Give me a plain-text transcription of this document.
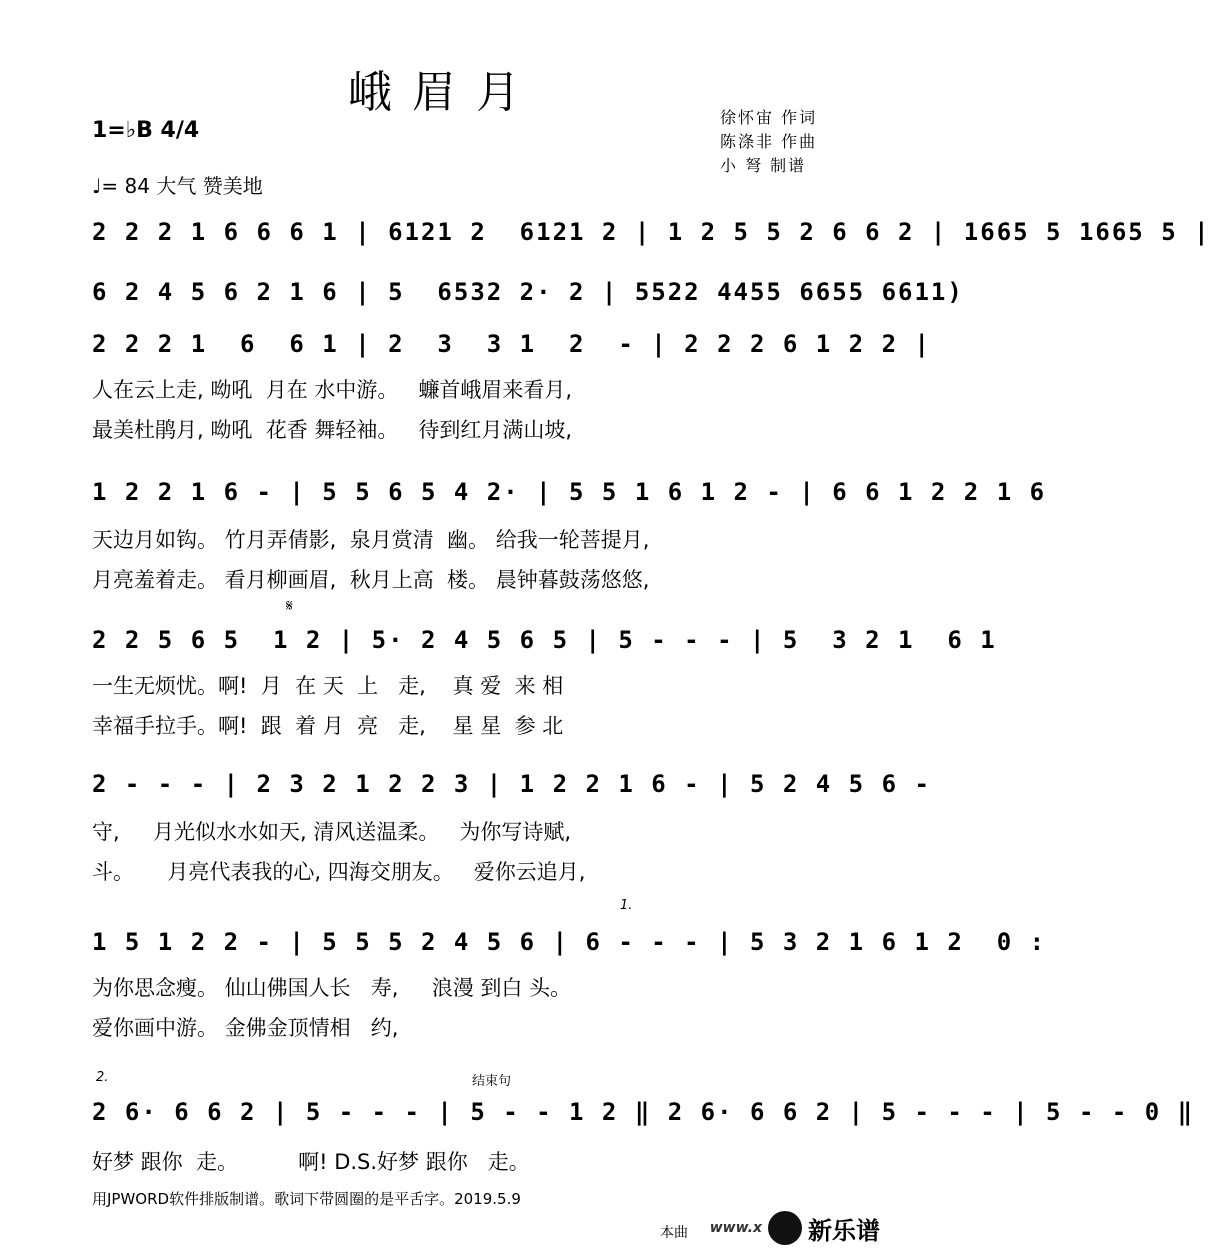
峨眉月
1=♭B 4/4
♩= 84 大气 赞美地
徐怀宙 作词
陈涤非 作曲
小 弩 制谱
2 2 2 1 6 6 6 1 | 6121 2  6121 2 | 1 2 5 5 2 6 6 2 | 1665 5 1665 5 |
6 2 4 5 6 2 1 6 | 5  6532 2· 2 | 5522 4455 6655 6611)
2 2 2 1  6  6 1 | 2  3  3 1  2  - | 2 2 2 6 1 2 2 |
人在云上走, 呦吼  月在 水中游。   蠊首峨眉来看月,
最美杜鹃月, 呦吼  花香 舞轻袖。   待到红月满山坡,
1 2 2 1 6 - | 5 5 6 5 4 2· | 5 5 1 6 1 2 - | 6 6 1 2 2 1 6
天边月如钩。 竹月弄倩影,  泉月赏清  幽。 给我一轮菩提月,
月亮羞着走。 看月柳画眉,  秋月上高  楼。 晨钟暮鼓荡悠悠,
𝄋
2 2 5 6 5  1 2 | 5· 2 4 5 6 5 | 5 - - - | 5  3 2 1  6 1
一生无烦忧。啊!  月  在 天  上   走,    真 爱  来 相
幸福手拉手。啊!  跟  着 月  亮   走,    星 星  参 北
2 - - - | 2 3 2 1 2 2 3 | 1 2 2 1 6 - | 5 2 4 5 6 -
守,     月光似水水如天, 清风送温柔。   为你写诗赋,
斗。     月亮代表我的心, 四海交朋友。   爱你云追月,
1.
1 5 1 2 2 - | 5 5 5 2 4 5 6 | 6 - - - | 5 3 2 1 6 1 2  0 :
为你思念瘦。 仙山佛国人长   寿,     浪漫 到白 头。
爱你画中游。 金佛金顶情相   约,
2.	结束句
2 6· 6 6 2 | 5 - - - | 5 - - 1 2 ‖ 2 6· 6 6 2 | 5 - - - | 5 - - 0 ‖
好梦 跟你  走。         啊! D.S.好梦 跟你   走。
用JPWORD软件排版制谱。歌词下带圆圈的是平舌字。2019.5.9
本曲 www.x 新乐谱
